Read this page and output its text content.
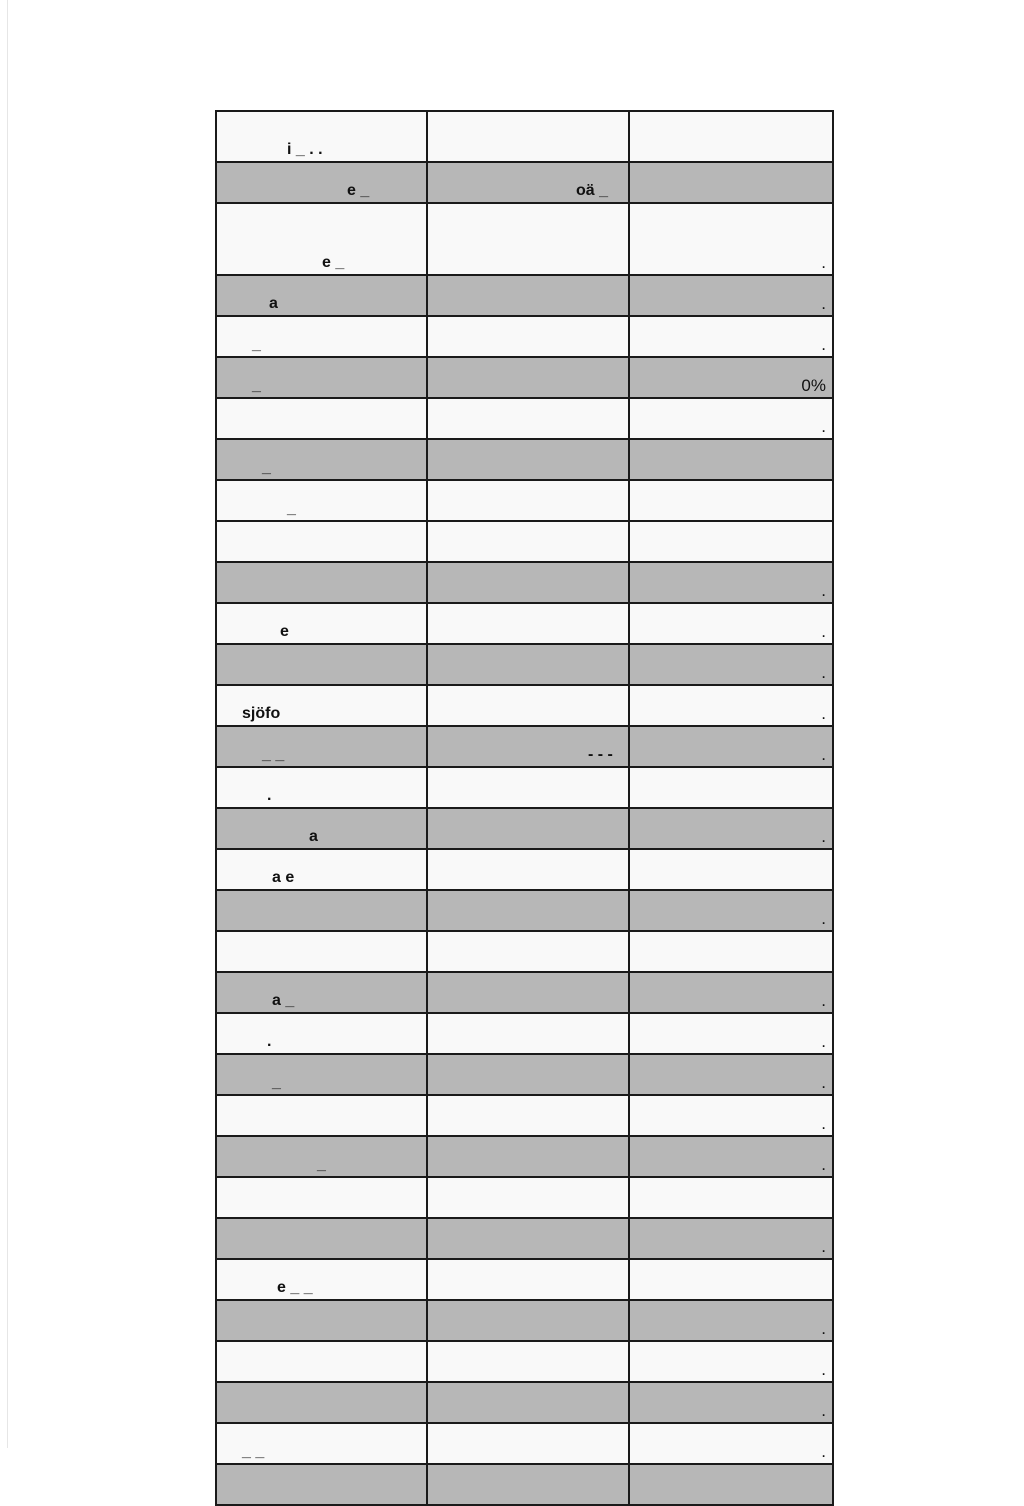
i _ . .		

e _	oä _	

e _		.

a		.

_		.

_		0%

		.

_		

_		

		.

e		.

		.

sjöfo		.

_ _	- - -	.

.		

a		.

a e		

		.

a _		.

.		.

_		.

		.

_		.

		.

e _ _		

		.

		.

		.

_ _		.
